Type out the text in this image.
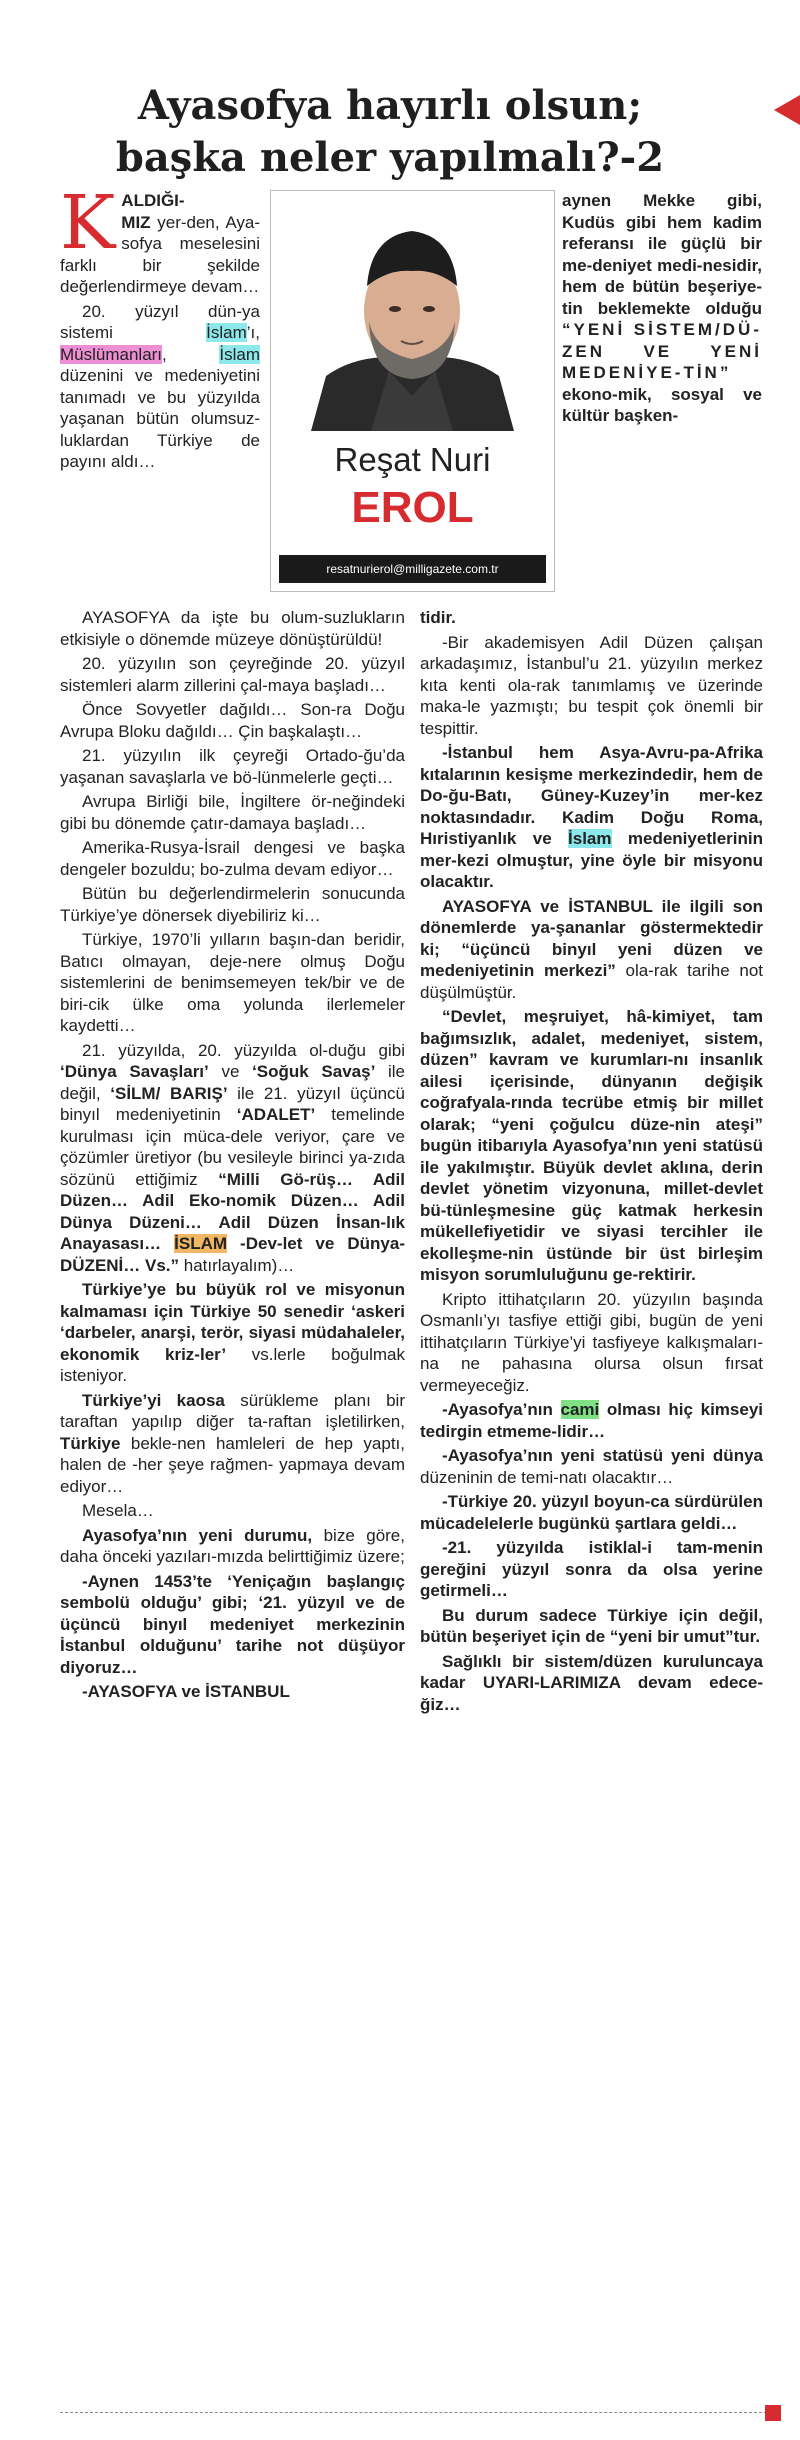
Ayasofya hayırlı olsun;
başka neler yapılmalı?-2
Reşat Nuri
EROL
resatnurierol@milligazete.com.tr

KALDIĞI-
MIZ yer-den, Aya-sofya meselesini farklı bir şekilde değerlendirmeye devam…

20. yüzyıl dün-ya sistemi İslam’ı, Müslümanları, İslam düzenini ve medeniyetini tanımadı ve bu yüzyılda yaşanan bütün olumsuz-luklardan Türkiye de payını aldı…

AYASOFYA da işte bu olum-suzlukların etkisiyle o dönemde müzeye dönüştürüldü!

20. yüzyılın son çeyreğinde 20. yüzyıl sistemleri alarm zillerini çal-maya başladı…

Önce Sovyetler dağıldı… Son-ra Doğu Avrupa Bloku dağıldı… Çin başkalaştı…

21. yüzyılın ilk çeyreği Ortado-ğu’da yaşanan savaşlarla ve bö-lünmelerle geçti…

Avrupa Birliği bile, İngiltere ör-neğindeki gibi bu dönemde çatır-damaya başladı…

Amerika-Rusya-İsrail dengesi ve başka dengeler bozuldu; bo-zulma devam ediyor…

Bütün bu değerlendirmelerin sonucunda Türkiye’ye dönersek diyebiliriz ki…

Türkiye, 1970’li yılların başın-dan beridir, Batıcı olmayan, deje-nere olmuş Doğu sistemlerini de benimsemeyen tek/bir ve de biri-cik ülke oma yolunda ilerlemeler kaydetti…

21. yüzyılda, 20. yüzyılda ol-duğu gibi ‘Dünya Savaşları’ ve ‘Soğuk Savaş’ ile değil, ‘SİLM/ BARIŞ’ ile 21. yüzyıl üçüncü binyıl medeniyetinin ‘ADALET’ temelinde kurulması için müca-dele veriyor, çare ve çözümler üretiyor (bu vesileyle birinci ya-zıda sözünü ettiğimiz “Milli Gö-rüş… Adil Düzen… Adil Eko-nomik Düzen… Adil Dünya Düzeni… Adil Düzen İnsan-lık Anayasası… İSLAM -Dev-let ve Dünya- DÜZENİ… Vs.” hatırlayalım)…

Türkiye’ye bu büyük rol ve misyonun kalmaması için Türkiye 50 senedir ‘askeri ‘darbeler, anarşi, terör, siyasi müdahaleler, ekonomik kriz-ler’ vs.lerle boğulmak isteniyor.

Türkiye’yi kaosa sürükleme planı bir taraftan yapılıp diğer ta-raftan işletilirken, Türkiye bekle-nen hamleleri de hep yaptı, halen de -her şeye rağmen- yapmaya devam ediyor…

Mesela…

Ayasofya’nın yeni durumu, bize göre, daha önceki yazıları-mızda belirttiğimiz üzere;

-Aynen 1453’te ‘Yeniçağın başlangıç sembolü olduğu’ gibi; ‘21. yüzyıl ve de üçüncü binyıl medeniyet merkezinin İstanbul olduğunu’ tarihe not düşüyor diyoruz…

-AYASOFYA ve İSTANBUL

aynen Mekke gibi, Kudüs gibi hem kadim referansı ile güçlü bir me-deniyet medi-nesidir, hem de bütün beşeriye-tin beklemekte olduğu “YENİ SİSTEM/DÜ-ZEN VE YENİ MEDENİYE-TİN” ekono-mik, sosyal ve kültür başken-

tidir.

-Bir akademisyen Adil Düzen çalışan arkadaşımız, İstanbul’u 21. yüzyılın merkez kıta kenti ola-rak tanımlamış ve üzerinde maka-le yazmıştı; bu tespit çok önemli bir tespittir.

-İstanbul hem Asya-Avru-pa-Afrika kıtalarının kesişme merkezindedir, hem de Do-ğu-Batı, Güney-Kuzey’in mer-kez noktasındadır. Kadim Doğu Roma, Hıristiyanlık ve İslam medeniyetlerinin mer-kezi olmuştur, yine öyle bir misyonu olacaktır.

AYASOFYA ve İSTANBUL ile ilgili son dönemlerde ya-şananlar göstermektedir ki; “üçüncü binyıl yeni düzen ve medeniyetinin merkezi” ola-rak tarihe not düşülmüştür.

“Devlet, meşruiyet, hâ-kimiyet, tam bağımsızlık, adalet, medeniyet, sistem, düzen” kavram ve kurumları-nı insanlık ailesi içerisinde, dünyanın değişik coğrafyala-rında tecrübe etmiş bir millet olarak; “yeni çoğulcu düze-nin ateşi” bugün itibarıyla Ayasofya’nın yeni statüsü ile yakılmıştır. Büyük devlet aklına, derin devlet yönetim vizyonuna, millet-devlet bü-tünleşmesine güç katmak herkesin mükellefiyetidir ve siyasi tercihler ile ekolleşme-nin üstünde bir üst birleşim misyon sorumluluğunu ge-rektirir.

Kripto ittihatçıların 20. yüzyılın başında Osmanlı’yı tasfiye ettiği gibi, bugün de yeni ittihatçıların Türkiye’yi tasfiyeye kalkışmaları-na ne pahasına olursa olsun fırsat vermeyeceğiz.

-Ayasofya’nın cami olması hiç kimseyi tedirgin etmeme-lidir…

-Ayasofya’nın yeni statüsü yeni dünya düzeninin de temi-natı olacaktır…

-Türkiye 20. yüzyıl boyun-ca sürdürülen mücadelelerle bugünkü şartlara geldi…

-21. yüzyılda istiklal-i tam-menin gereğini yüzyıl sonra da olsa yerine getirmeli…

Bu durum sadece Türkiye için değil, bütün beşeriyet için de “yeni bir umut”tur.

Sağlıklı bir sistem/düzen kuruluncaya kadar UYARI-LARIMIZA devam edece-ğiz…
